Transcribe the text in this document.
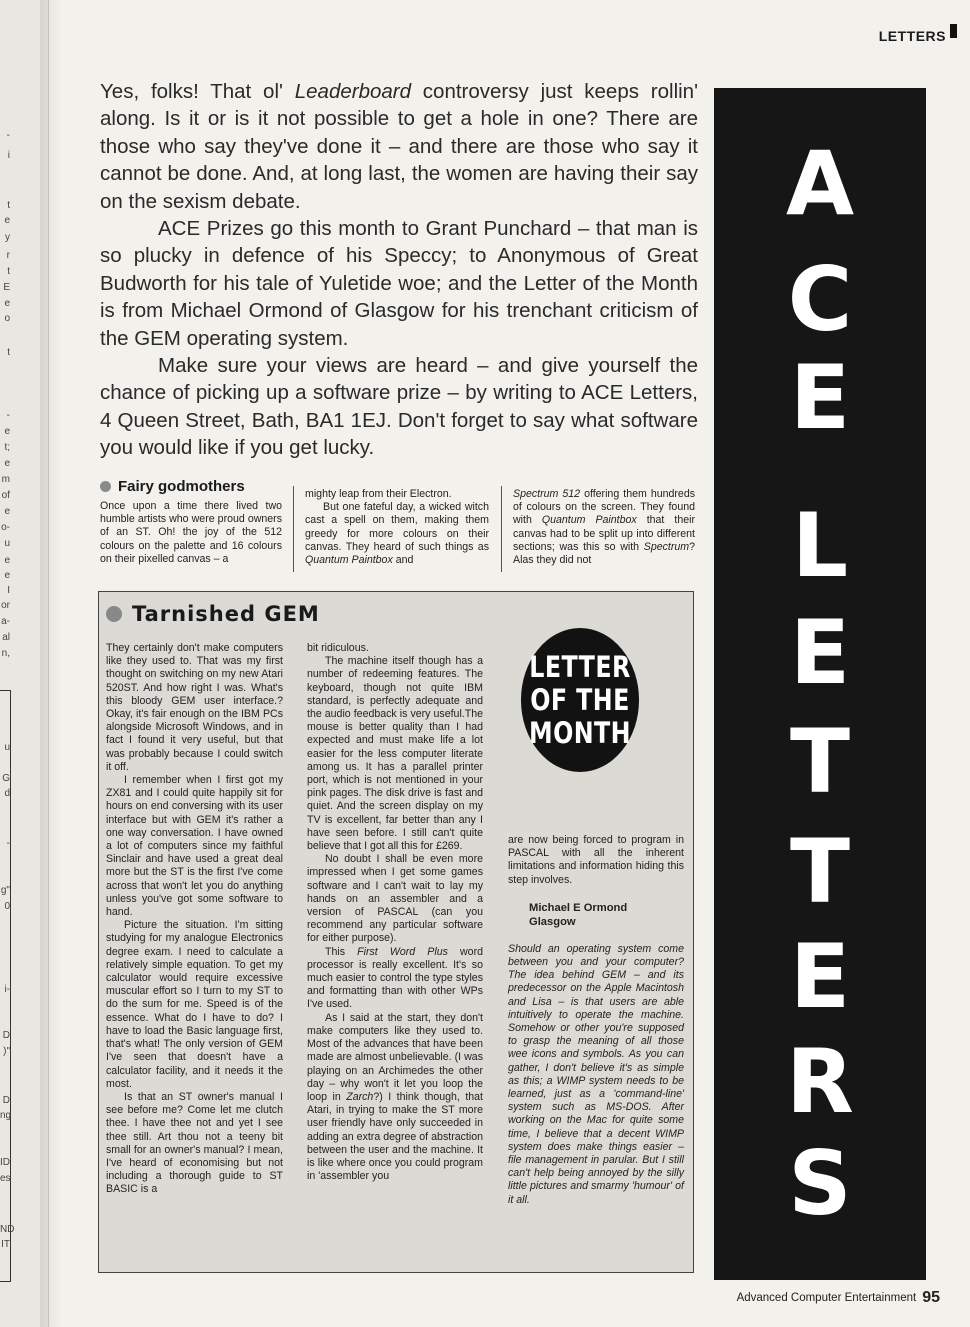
-
i
t
e
y
r
t
E
e
o
t
-
e
t;
e
m
of
e
o-
u
e
e
I
or
a-
al
n,
u
G
d
-
g"
0
i-
D
)"
D
ng
ID
es
ND
IT
LETTERS

Yes, folks! That ol' Leaderboard controversy just keeps rollin' along. Is it or is it not possible to get a hole in one? There are those who say they've done it – and there are those who say it cannot be done. And, at long last, the women are having their say on the sexism debate.

ACE Prizes go this month to Grant Punchard – that man is so plucky in defence of his Speccy; to Anonymous of Great Budworth for his tale of Yuletide woe; and the Letter of the Month is from Michael Ormond of Glasgow for his trenchant criticism of the GEM operating system.

Make sure your views are heard – and give yourself the chance of picking up a software prize – by writing to ACE Letters, 4 Queen Street, Bath, BA1 1EJ. Don't forget to say what software you would like if you get lucky.

A
C
E
L
E
T
T
E
R
S
Fairy godmothers

Once upon a time there lived two humble artists who were proud owners of an ST. Oh! the joy of the 512 colours on the palette and 16 colours on their pixelled canvas – a

mighty leap from their Electron.

But one fateful day, a wicked witch cast a spell on them, making them greedy for more colours on their canvas. They heard of such things as Quantum Paintbox and

Spectrum 512 offering them hundreds of colours on the screen. They found with Quantum Paintbox that their canvas had to be split up into different sections; was this so with Spectrum? Alas they did not

Tarnished GEM

They certainly don't make computers like they used to. That was my first thought on switching on my new Atari 520ST. And how right I was. What's this bloody GEM user interface.? Okay, it's fair enough on the IBM PCs alongside Microsoft Windows, and in fact I found it very useful, but that was probably because I could switch it off.

I remember when I first got my ZX81 and I could quite happily sit for hours on end conversing with its user interface but with GEM it's rather a one way conversation. I have owned a lot of computers since my faithful Sinclair and have used a great deal more but the ST is the first I've come across that won't let you do anything unless you've got some software to hand.

Picture the situation. I'm sitting studying for my analogue Electronics degree exam. I need to calculate a relatively simple equation. To get my calculator would require excessive muscular effort so I turn to my ST to do the sum for me. Speed is of the essence. What do I have to do? I have to load the Basic language first, that's what! The only version of GEM I've seen that doesn't have a calculator facility, and it needs it the most.

Is that an ST owner's manual I see before me? Come let me clutch thee. I have thee not and yet I see thee still. Art thou not a teeny bit small for an owner's manual? I mean, I've heard of economising but not including a thorough guide to ST BASIC is a

bit ridiculous.

The machine itself though has a number of redeeming features. The keyboard, though not quite IBM standard, is perfectly adequate and the audio feedback is very useful.The mouse is better quality than I had expected and must make life a lot easier for the less computer literate among us. It has a parallel printer port, which is not mentioned in your pink pages. The disk drive is fast and quiet. And the screen display on my TV is excellent, far better than any I have seen before. I still can't quite believe that I got all this for £269.

No doubt I shall be even more impressed when I get some games software and I can't wait to lay my hands on an assembler and a version of PASCAL (can you recommend any particular software for either purpose).

This First Word Plus word processor is really excellent. It's so much easier to control the type styles and formatting than with other WPs I've used.

As I said at the start, they don't make computers like they used to. Most of the advances that have been made are almost unbelievable. (I was playing on an Archimedes the other day – why won't it let you loop the loop in Zarch?) I think though, that Atari, in trying to make the ST more user friendly have only succeeded in adding an extra degree of abstraction between the user and the machine. It is like where once you could program in 'assembler you

LETTER
OF THE
MONTH

are now being forced to program in PASCAL with all the inherent limitations and information hiding this step involves.

Michael E Ormond
Glasgow

Should an operating system come between you and your computer? The idea behind GEM – and its predecessor on the Apple Macintosh and Lisa – is that users are able intuitively to operate the machine. Somehow or other you're supposed to grasp the meaning of all those wee icons and symbols. As you can gather, I don't believe it's as simple as this; a WIMP system needs to be learned, just as a 'command-line' system such as MS-DOS. After working on the Mac for quite some time, I believe that a decent WIMP system does make things easier – file management in parular. But I still can't help being annoyed by the silly little pictures and smarmy 'humour' of it all.

Advanced Computer Entertainment 95
